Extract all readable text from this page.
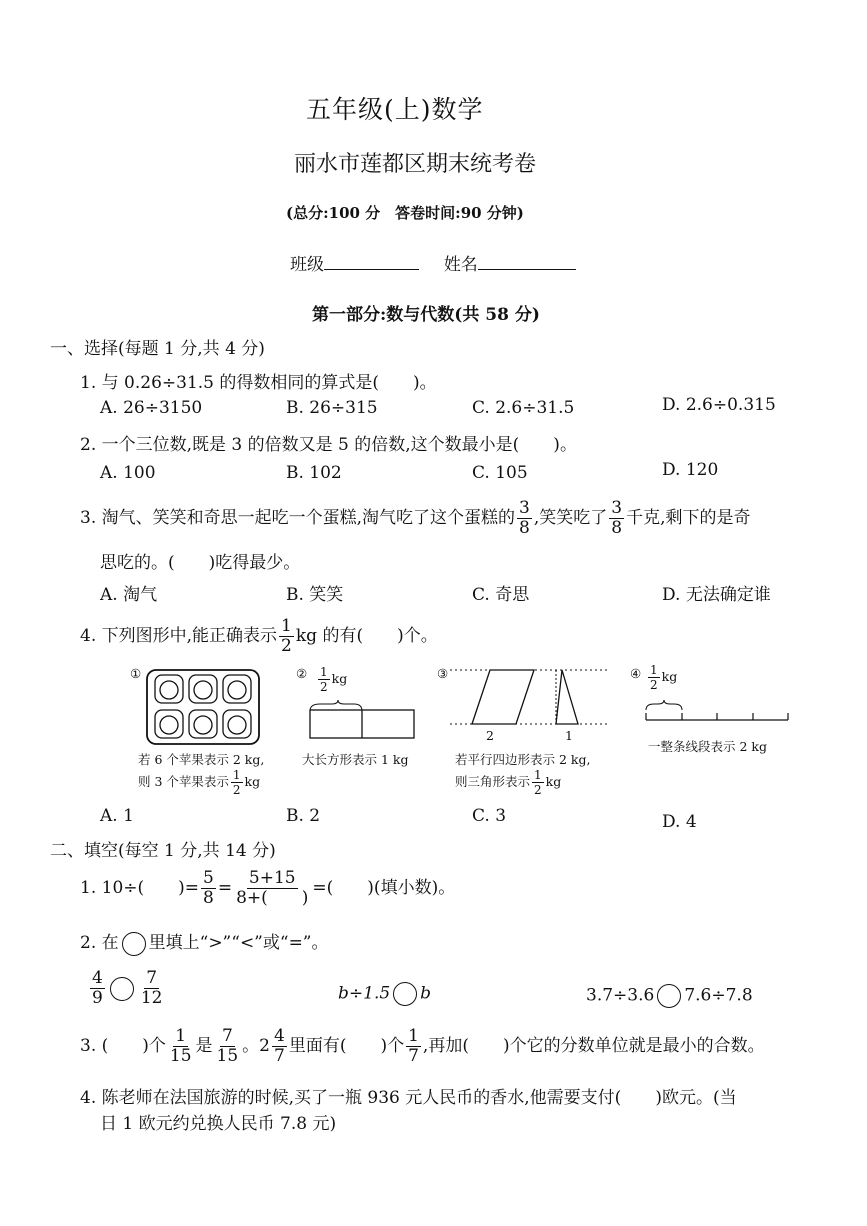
五年级(上)数学
丽水市莲都区期末统考卷
(总分:100 分　答卷时间:90 分钟)
班级	姓名
第一部分:数与代数(共 58 分)
一、选择(每题 1 分,共 4 分)
1. 与 0.26÷31.5 的得数相同的算式是(　　)。
A. 26÷3150	B. 26÷315	C. 2.6÷31.5	D. 2.6÷0.315
2. 一个三位数,既是 3 的倍数又是 5 的倍数,这个数最小是(　　)。
A. 100	B. 102	C. 105	D. 120
3. 淘气、笑笑和奇思一起吃一个蛋糕,淘气吃了这个蛋糕的 $\frac{3}{8}$ ,笑笑吃了 $\frac{3}{8}$ 千克,剩下的是奇
思吃的。(　　)吃得最少。
A. 淘气	B. 笑笑	C. 奇思	D. 无法确定谁
4. 下列图形中,能正确表示 $\frac{1}{2}$ kg 的有(　　)个。
①
若 6 个苹果表示 2 kg,
则 3 个苹果表示 $\frac{1}{2}$ kg
② $\frac{1}{2}$ kg
大长方形表示 1 kg
③
2	1
若平行四边形表示 2 kg,
则三角形表示 $\frac{1}{2}$ kg
④ $\frac{1}{2}$ kg
一整条线段表示 2 kg
A. 1	B. 2	C. 3	D. 4
二、填空(每空 1 分,共 14 分)
1. 10÷(　　)= $\frac{5}{8} = \frac{5+15}{8+( )}$ =(　　)(填小数)。
2. 在 里填上“>”“<”或“=”。
$\frac{4}{9} \frac{7}{12}$	b÷1.5 b	3.7÷3.6 7.6÷7.8
3. (　　)个 $\frac{1}{15}$ 是 $\frac{7}{15}$ 。$2 \frac{4}{7}$ 里面有(　　)个 $\frac{1}{7}$ ,再加(　　)个它的分数单位就是最小的合数。
4. 陈老师在法国旅游的时候,买了一瓶 936 元人民币的香水,他需要支付(　　)欧元。(当
日 1 欧元约兑换人民币 7.8 元)
